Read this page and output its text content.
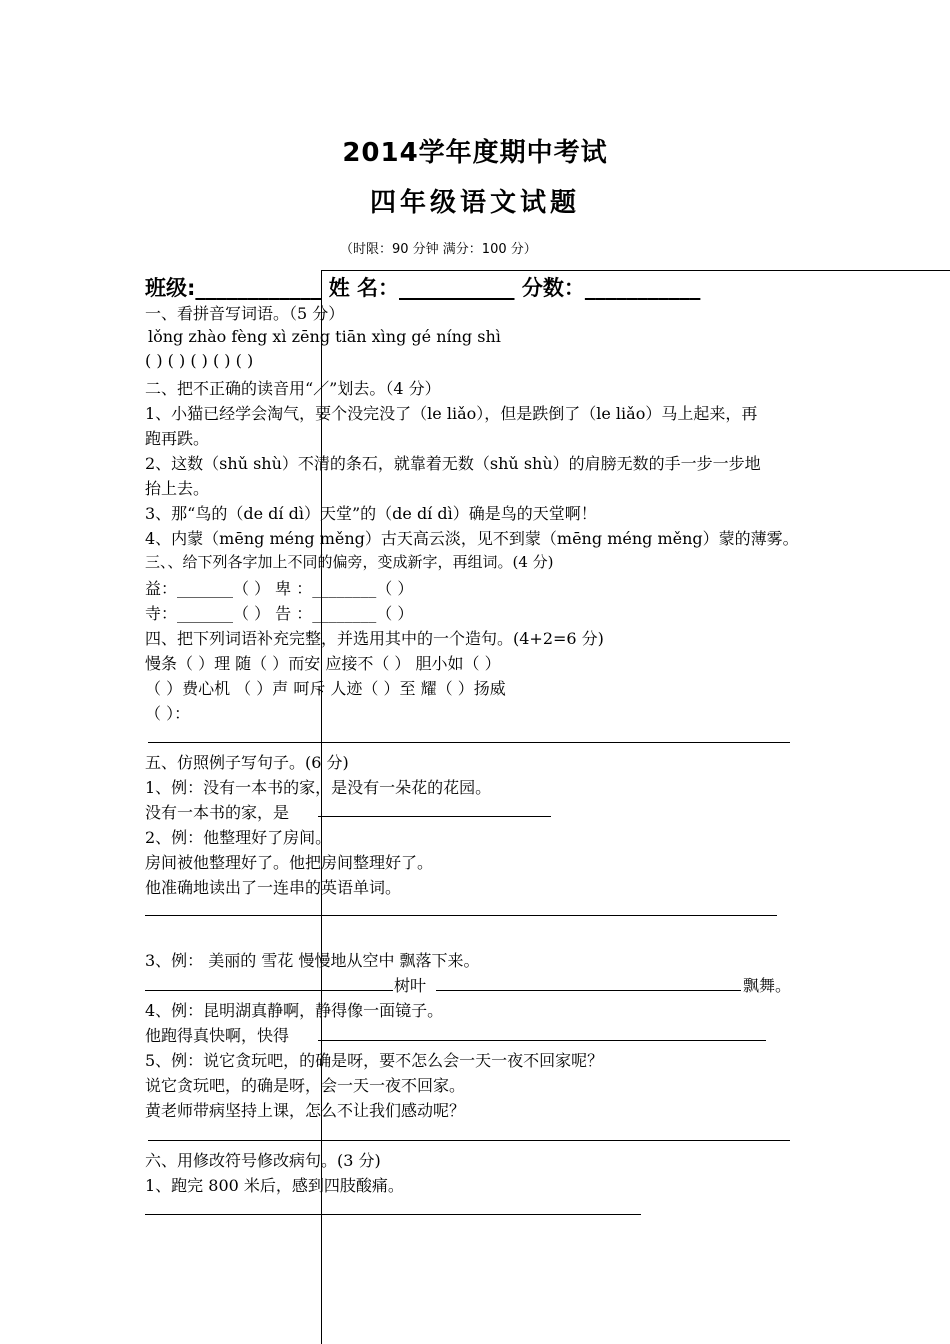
2014学年度期中考试
四年级语文试题
（时限：90 分钟 满分：100 分）
班级:____________ 姓 名：___________ 分数：___________
一、看拼音写词语。（5 分）
lǒng zhào fèng xì zēng tiān xìng gé níng shì
( ) ( ) ( ) ( ) ( )
二、把不正确的读音用“／”划去。（4 分）
1、小猫已经学会淘气，要个没完没了（le liǎo），但是跌倒了（le liǎo）马上起来，再
跑再跌。
2、这数（shǔ shù）不清的条石，就靠着无数（shǔ shù）的肩膀无数的手一步一步地
抬上去。
3、那“鸟的（de dí dì）天堂”的（de dí dì）确是鸟的天堂啊！
4、内蒙（mēng méng měng）古天高云淡，见不到蒙（mēng méng měng）蒙的薄雾。
三、、给下列各字加上不同的偏旁，变成新字，再组词。(4 分)
益：_______（ ） 卑 ：________（ ）
寺：_______（ ） 告 ：________（ ）
四、把下列词语补充完整，并选用其中的一个造句。(4+2=6 分)
慢条（ ）理 随（ ）而安 应接不（ ） 胆小如（ ）
（ ）费心机 （ ）声 呵斥 人迹（ ）至 耀（ ）扬威
（ ）：
五、仿照例子写句子。(6 分)
1、例：没有一本书的家，是没有一朵花的花园。
没有一本书的家，是
2、例：他整理好了房间。
房间被他整理好了。他把房间整理好了。
他准确地读出了一连串的英语单词。
3、例： 美丽的 雪花 慢慢地从空中 飘落下来。
树叶	飘舞。
4、例：昆明湖真静啊，静得像一面镜子。
他跑得真快啊，快得
5、例：说它贪玩吧，的确是呀，要不怎么会一天一夜不回家呢？
说它贪玩吧，的确是呀，会一天一夜不回家。
黄老师带病坚持上课，怎么不让我们感动呢？
六、用修改符号修改病句。(3 分)
1、跑完 800 米后，感到四肢酸痛。
